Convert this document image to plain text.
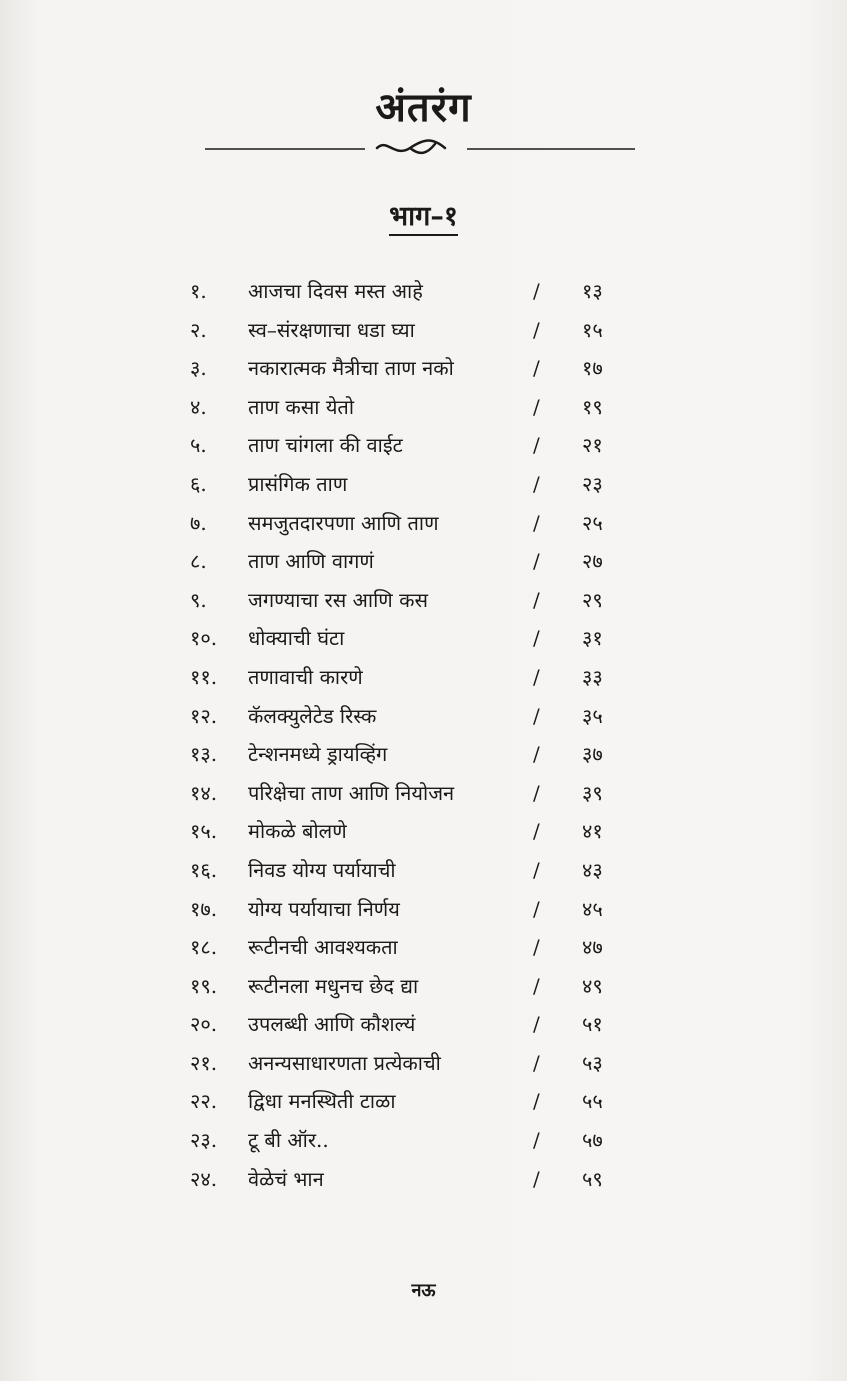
अंतरंग
भाग–१
१. आजचा दिवस मस्त आहे	/ १३
२. स्व–संरक्षणाचा धडा घ्या	/ १५
३. नकारात्मक मैत्रीचा ताण नको	/ १७
४. ताण कसा येतो	/ १९
५. ताण चांगला की वाईट	/ २१
६. प्रासंगिक ताण	/ २३
७. समजुतदारपणा आणि ताण	/ २५
८. ताण आणि वागणं	/ २७
९. जगण्याचा रस आणि कस	/ २९
१०. धोक्याची घंटा	/ ३१
११. तणावाची कारणे	/ ३३
१२. कॅलक्युलेटेड रिस्क	/ ३५
१३. टेन्शनमध्ये ड्रायव्हिंग	/ ३७
१४. परिक्षेचा ताण आणि नियोजन	/ ३९
१५. मोकळे बोलणे	/ ४१
१६. निवड योग्य पर्यायाची	/ ४३
१७. योग्य पर्यायाचा निर्णय	/ ४५
१८. रूटीनची आवश्यकता	/ ४७
१९. रूटीनला मधुनच छेद द्या	/ ४९
२०. उपलब्धी आणि कौशल्यं	/ ५१
२१. अनन्यसाधारणता प्रत्येकाची	/ ५३
२२. द्विधा मनस्थिती टाळा	/ ५५
२३. टू बी ऑर..	/ ५७
२४. वेळेचं भान	/ ५९
नऊ
